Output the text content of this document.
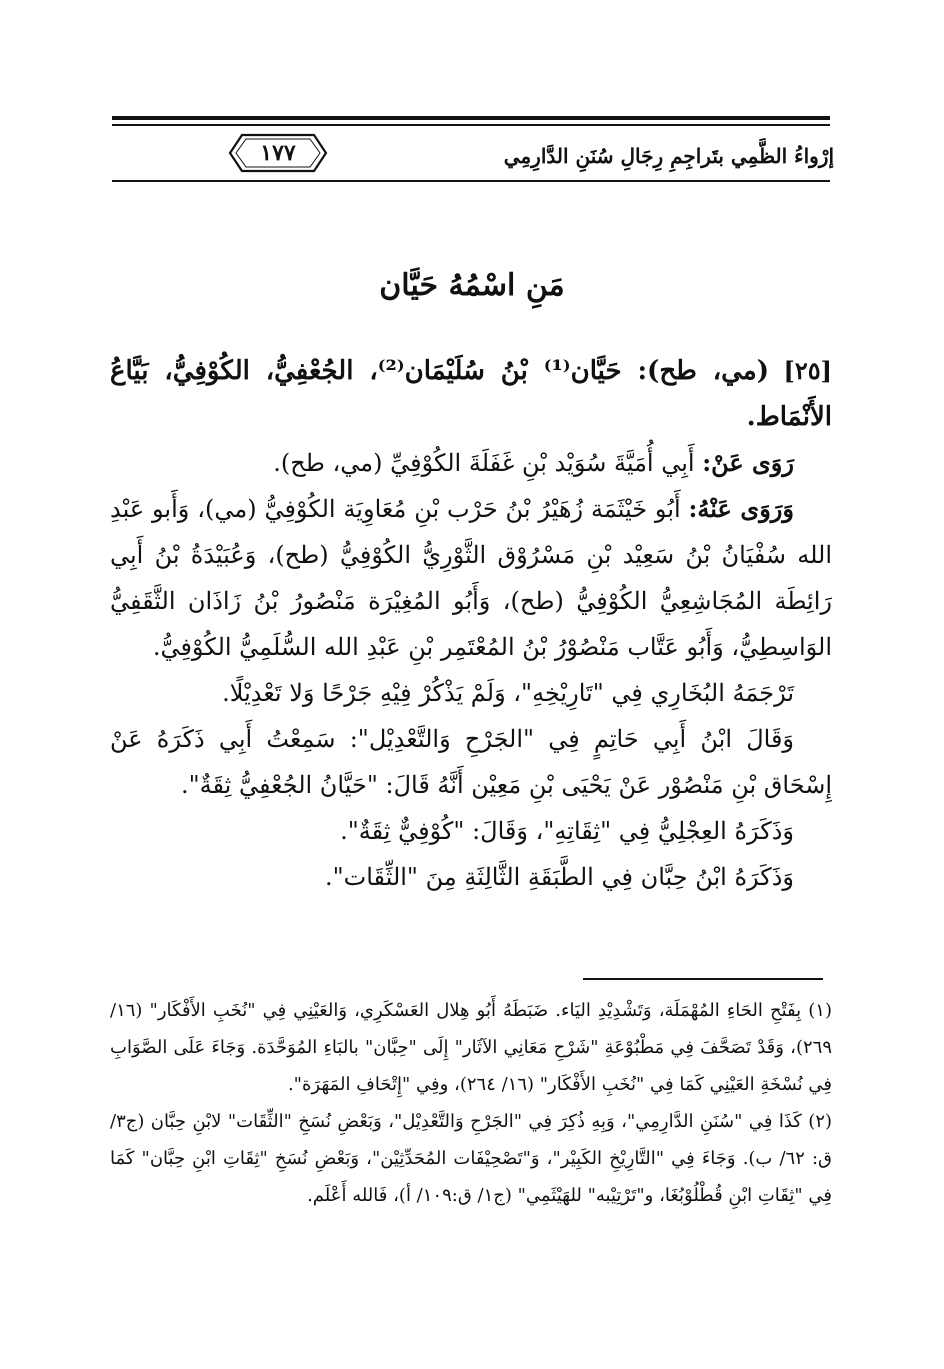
١٧٧	إرْواءُ الظَّمِي بتَراجِمِ رِجَالِ سُنَنِ الدَّارِمِي
مَنِ اسْمُهُ حَيَّان

[٢٥] (مي، طح): حَيَّان⁽¹⁾ بْنُ سُلَيْمَان⁽²⁾، الجُعْفِيُّ، الكُوْفِيُّ، بَيَّاعُ الأَنْمَاط.

رَوَى عَنْ: أَبِي أُمَيَّةَ سُوَيْد بْنِ غَفَلَةَ الكُوْفِيِّ (مي، طح).

وَرَوَى عَنْهُ: أَبُو خَيْثَمَة زُهَيْرُ بْنُ حَرْب بْنِ مُعَاوِيَة الكُوْفِيُّ (مي)، وَأَبو عَبْدِ الله سُفْيَانُ بْنُ سَعِيْد بْنِ مَسْرُوْق الثَّوْرِيُّ الكُوْفِيُّ (طح)، وَعُبَيْدَةُ بْنُ أَبِي رَائِطَة المُجَاشِعِيُّ الكُوْفِيُّ (طح)، وَأَبُو المُغِيْرَة مَنْصُورُ بْنُ زَاذَان الثَّقَفِيُّ الوَاسِطِيُّ، وَأَبُو عَتَّاب مَنْصُوْرُ بْنُ المُعْتَمِر بْنِ عَبْدِ الله السُّلَمِيُّ الكُوْفِيُّ.

تَرْجَمَهُ البُخَارِي فِي "تَارِيْخِهِ"، وَلَمْ يَذْكُرْ فِيْهِ جَرْحًا وَلا تَعْدِيْلًا.

وَقَالَ ابْنُ أَبِي حَاتِمٍ فِي "الجَرْحِ وَالتَّعْدِيْل": سَمِعْتُ أَبِي ذَكَرَهُ عَنْ إِسْحَاق بْنِ مَنْصُوْر عَنْ يَحْيَى بْنِ مَعِيْن أَنَّهُ قَالَ: "حَيَّانُ الجُعْفِيُّ ثِقَةٌ".

وَذَكَرَهُ العِجْلِيُّ فِي "ثِقَاتِهِ"، وَقَالَ: "كُوْفِيٌّ ثِقَةٌ".

وَذَكَرَهُ ابْنُ حِبَّان فِي الطَّبَقَةِ الثَّالِثَةِ مِنَ "الثِّقَات".

(١) بِفَتْحِ الحَاءِ المُهْمَلَة، وَتَشْدِيْدِ اليَاء. ضَبَطَهُ أَبُو هِلال العَسْكَرِي، وَالعَيْنِي فِي "نُخَبِ الأَفْكَار" (١٦/ ٢٦٩)، وَقَدْ تَصَحَّفَ فِي مَطْبُوْعَةِ "شَرْحِ مَعَانِي الآثَار" إِلَى "حِبَّان" بالبَاءِ المُوَحَّدَة. وَجَاءَ عَلَى الصَّوَابِ فِي نُسْخَةِ العَيْنِي كَمَا فِي "نُخَبِ الأَفْكَار" (١٦/ ٢٦٤)، وفِي "إِتْحَافِ المَهَرَة".

(٢) كَذَا فِي "سُنَنِ الدَّارِمِي"، وَبِهِ ذُكِرَ فِي "الجَرْحِ وَالتَّعْدِيْل"، وَبَعْضِ نُسَخِ "الثِّقَات" لابْنِ حِبَّان (ج٣/ ق: ٦٢/ ب). وَجَاءَ فِي "التَّارِيْخِ الكَبِيْر"، وَ"تَصْحِيْفَات المُحَدِّثِيْن"، وَبَعْضِ نُسَخِ "ثِقَاتِ ابْنِ حِبَّان" كَمَا فِي "ثِقَاتِ ابْنِ قُطْلُوْبُغَا، و"تَرْتِيْبه" للهَيْثَمِي" (ج١/ ق:١٠٩/ أ)، فَالله أَعْلَم.
